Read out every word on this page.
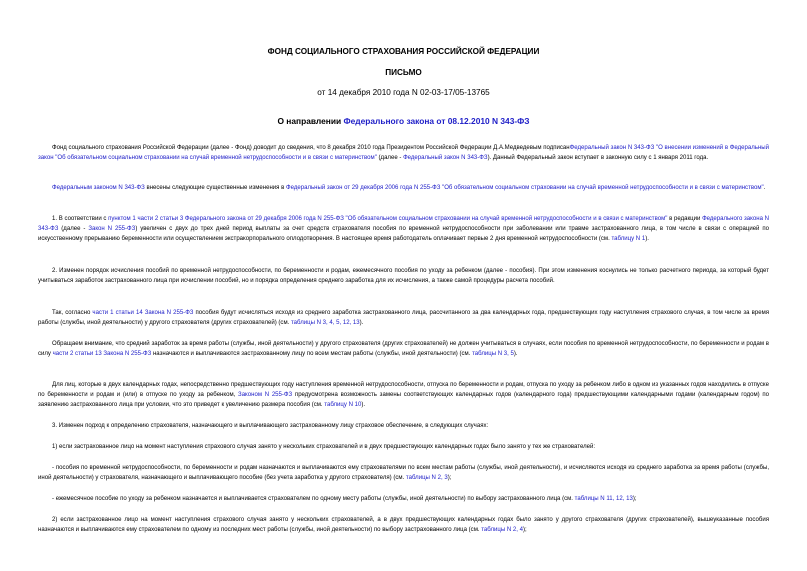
ФОНД СОЦИАЛЬНОГО СТРАХОВАНИЯ РОССИЙСКОЙ ФЕДЕРАЦИИ
ПИСЬМО
от 14 декабря 2010 года N 02-03-17/05-13765
О направлении Федерального закона от 08.12.2010 N 343-ФЗ
Фонд социального страхования Российской Федерации (далее - Фонд) доводит до сведения, что 8 декабря 2010 года Президентом Российской Федерации Д.А.Медведевым подписанФедеральный закон N 343-ФЗ "О внесении изменений в Федеральный закон "Об обязательном социальном страховании на случай временной нетрудоспособности и в связи с материнством" (далее - Федеральный закон N 343-ФЗ). Данный Федеральный закон вступает в законную силу с 1 января 2011 года.
Федеральным законом N 343-ФЗ внесены следующие существенные изменения в Федеральный закон от 29 декабря 2006 года N 255-ФЗ "Об обязательном социальном страховании на случай временной нетрудоспособности и в связи с материнством".
1. В соответствии с пунктом 1 части 2 статьи 3 Федерального закона от 29 декабря 2006 года N 255-ФЗ "Об обязательном социальном страховании на случай временной нетрудоспособности и в связи с материнством" в редакции Федерального закона N 343-ФЗ (далее - Закон N 255-ФЗ) увеличен с двух до трех дней период выплаты за счет средств страхователя пособия по временной нетрудоспособности при заболевании или травме застрахованного лица, в том числе в связи с операцией по искусственному прерыванию беременности или осуществлением экстракорпорального оплодотворения. В настоящее время работодатель оплачивает первые 2 дня временной нетрудоспособности (см. таблицу N 1).
2. Изменен порядок исчисления пособий по временной нетрудоспособности, по беременности и родам, ежемесячного пособия по уходу за ребенком (далее - пособия). При этом изменения коснулись не только расчетного периода, за который будет учитываться заработок застрахованного лица при исчислении пособий, но и порядка определения среднего заработка для их исчисления, а также самой процедуры расчета пособий.
Так, согласно части 1 статьи 14 Закона N 255-ФЗ пособия будут исчисляться исходя из среднего заработка застрахованного лица, рассчитанного за два календарных года, предшествующих году наступления страхового случая, в том числе за время работы (службы, иной деятельности) у другого страхователя (других страхователей) (см. таблицы N 3, 4, 5, 12, 13).
Обращаем внимание, что средний заработок за время работы (службы, иной деятельности) у другого страхователя (других страхователей) не должен учитываться в случаях, если пособия по временной нетрудоспособности, по беременности и родам в силу части 2 статьи 13 Закона N 255-ФЗ назначаются и выплачиваются застрахованному лицу по всем местам работы (службы, иной деятельности) (см. таблицы N 3, 5).
Для лиц, которые в двух календарных годах, непосредственно предшествующих году наступления временной нетрудоспособности, отпуска по беременности и родам, отпуска по уходу за ребенком либо в одном из указанных годов находились в отпуске по беременности и родам и (или) в отпуске по уходу за ребенком, Законом N 255-ФЗ предусмотрена возможность замены соответствующих календарных годов (календарного года) предшествующими календарными годами (календарным годом) по заявлению застрахованного лица при условии, что это приведет к увеличению размера пособия (см. таблицу N 10).
3. Изменен подход к определению страхователя, назначающего и выплачивающего застрахованному лицу страховое обеспечение, в следующих случаях:
1) если застрахованное лицо на момент наступления страхового случая занято у нескольких страхователей и в двух предшествующих календарных годах было занято у тех же страхователей:
- пособия по временной нетрудоспособности, по беременности и родам назначаются и выплачиваются ему страхователями по всем местам работы (службы, иной деятельности), и исчисляются исходя из среднего заработка за время работы (службы, иной деятельности) у страхователя, назначающего и выплачивающего пособие (без учета заработка у другого страхователя) (см. таблицы N 2, 3);
- ежемесячное пособие по уходу за ребенком назначается и выплачивается страхователем по одному месту работы (службы, иной деятельности) по выбору застрахованного лица (см. таблицы N 11, 12, 13);
2) если застрахованное лицо на момент наступления страхового случая занято у нескольких страхователей, а в двух предшествующих календарных годах было занято у другого страхователя (других страхователей), вышеуказанные пособия назначаются и выплачиваются ему страхователем по одному из последних мест работы (службы, иной деятельности) по выбору застрахованного лица (см. таблицы N 2, 4);
